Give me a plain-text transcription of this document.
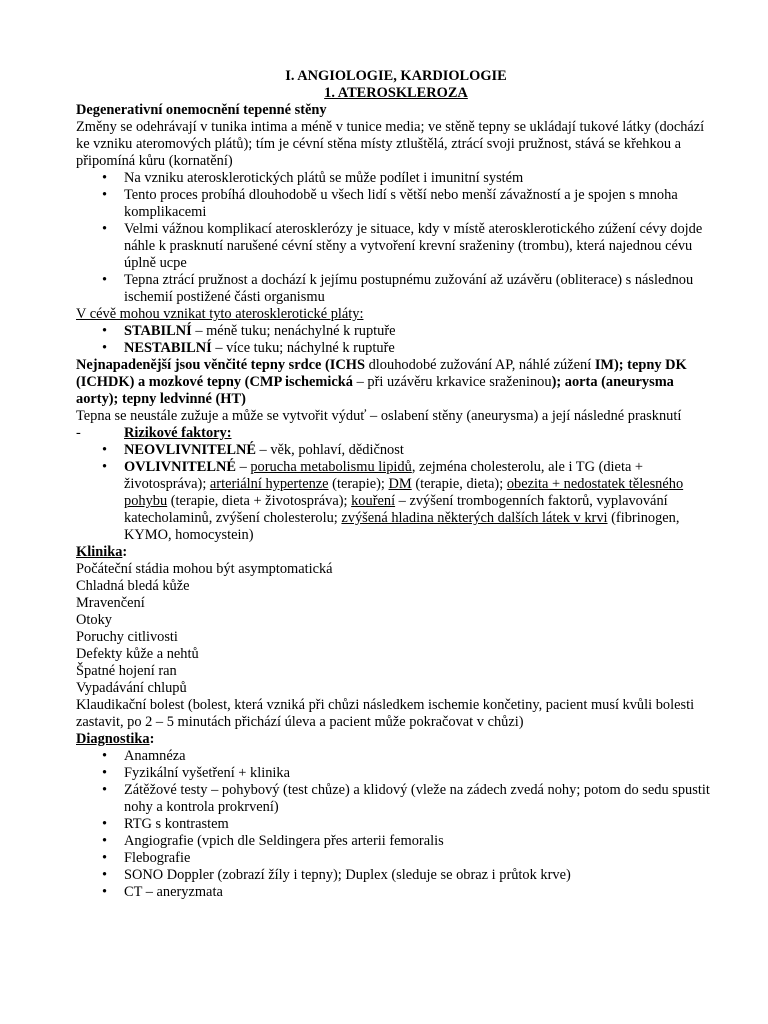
I. ANGIOLOGIE, KARDIOLOGIE
1. ATEROSKLEROZA
Degenerativní onemocnění tepenné stěny
Změny se odehrávají v tunika intima a méně v tunice media; ve stěně tepny se ukládají tukové látky (dochází ke vzniku ateromových plátů); tím je cévní stěna místy ztluštělá, ztrácí svoji pružnost, stává se křehkou a připomíná kůru (kornatění)
• Na vzniku aterosklerotických plátů se může podílet i imunitní systém
• Tento proces probíhá dlouhodobě u všech lidí s větší nebo menší závažností a je spojen s mnoha komplikacemi
• Velmi vážnou komplikací aterosklerózy je situace, kdy v místě aterosklerotického zúžení cévy dojde náhle k prasknutí narušené cévní stěny a vytvoření krevní sraženiny (trombu), která najednou cévu úplně ucpe
• Tepna ztrácí pružnost a dochází k jejímu postupnému zužování až uzávěru (obliterace) s následnou ischemií postižené části organismu
V cévě mohou vznikat tyto aterosklerotické pláty:
• STABILNÍ – méně tuku; nenáchylné k ruptuře
• NESTABILNÍ – více tuku; náchylné k ruptuře
Nejnapadenější jsou věnčité tepny srdce (ICHS dlouhodobé zužování AP, náhlé zúžení IM); tepny DK (ICHDK) a mozkové tepny (CMP ischemická – při uzávěru krkavice sraženinou); aorta (aneurysma aorty); tepny ledvinné (HT)
Tepna se neustále zužuje a může se vytvořit výduť – oslabení stěny (aneurysma) a její následné prasknutí
-	Rizikové faktory:
• NEOVLIVNITELNÉ – věk, pohlaví, dědičnost
• OVLIVNITELNÉ – porucha metabolismu lipidů, zejména cholesterolu, ale i TG (dieta + životospráva); arteriální hypertenze (terapie); DM (terapie, dieta); obezita + nedostatek tělesného pohybu (terapie, dieta + životospráva); kouření – zvýšení trombogenních faktorů, vyplavování katecholaminů, zvýšení cholesterolu; zvýšená hladina některých dalších látek v krvi (fibrinogen, KYMO, homocystein)
Klinika:
Počáteční stádia mohou být asymptomatická
Chladná bledá kůže
Mravenčení
Otoky
Poruchy citlivosti
Defekty kůže a nehtů
Špatné hojení ran
Vypadávání chlupů
Klaudikační bolest (bolest, která vzniká při chůzi následkem ischemie končetiny, pacient musí kvůli bolesti zastavit, po 2 – 5 minutách přichází úleva a pacient může pokračovat v chůzi)
Diagnostika:
• Anamnéza
• Fyzikální vyšetření + klinika
• Zátěžové testy – pohybový (test chůze) a klidový (vleže na zádech zvedá nohy; potom do sedu spustit nohy a kontrola prokrvení)
• RTG s kontrastem
• Angiografie (vpich dle Seldingera přes arterii femoralis
• Flebografie
• SONO Doppler (zobrazí žíly i tepny); Duplex (sleduje se obraz i průtok krve)
• CT – aneryzmata
